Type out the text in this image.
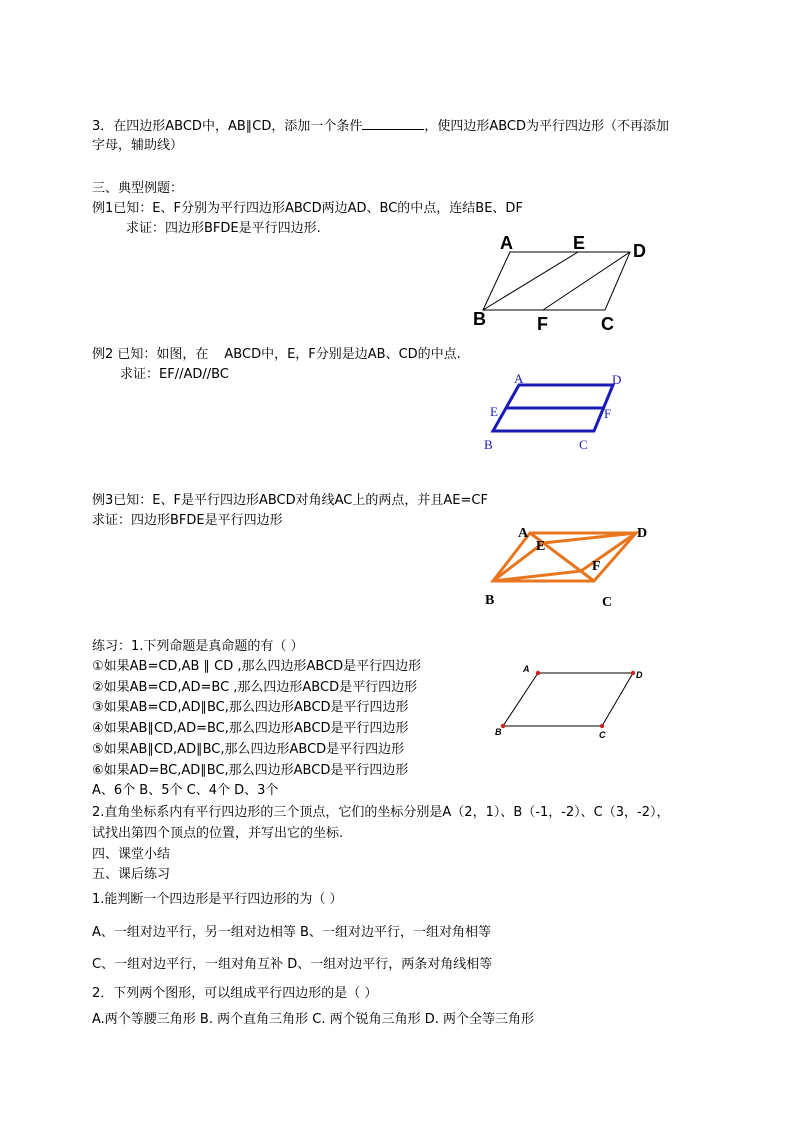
3．在四边形ABCD中，AB∥CD，添加一个条件	，使四边形ABCD为平行四边形（不再添加
字母，辅助线）
三、典型例题：
例1已知：E、F分别为平行四边形ABCD两边AD、BC的中点，连结BE、DF
求证：四边形BFDE是平行四边形.
A	E	D
B	F	C
例2 已知：如图，在 ABCD中，E，F分别是边AB、CD的中点.
求证：EF//AD//BC	A	D
E	F
B	C
例3已知：E、F是平行四边形ABCD对角线AC上的两点，并且AE=CF
求证：四边形BFDE是平行四边形
A
E
D
F
B	C
练习：1.下列命题是真命题的有（ ）
①如果AB=CD,AB ∥ CD ,那么四边形ABCD是平行四边形
②如果AB=CD,AD=BC ,那么四边形ABCD是平行四边形
③如果AB=CD,AD∥BC,那么四边形ABCD是平行四边形
④如果AB∥CD,AD=BC,那么四边形ABCD是平行四边形
⑤如果AB∥CD,AD∥BC,那么四边形ABCD是平行四边形
⑥如果AD=BC,AD∥BC,那么四边形ABCD是平行四边形
A、6个 B、5个 C、4个 D、3个
A
D
B	C
2.直角坐标系内有平行四边形的三个顶点，它们的坐标分别是A（2，1）、B（-1，-2）、C（3，-2），
试找出第四个顶点的位置，并写出它的坐标.
四、课堂小结
五、课后练习
1.能判断一个四边形是平行四边形的为（ ）
A、一组对边平行，另一组对边相等 B、一组对边平行，一组对角相等
C、一组对边平行，一组对角互补 D、一组对边平行，两条对角线相等
2．下列两个图形，可以组成平行四边形的是（ ）
A.两个等腰三角形 B. 两个直角三角形 C. 两个锐角三角形 D. 两个全等三角形
